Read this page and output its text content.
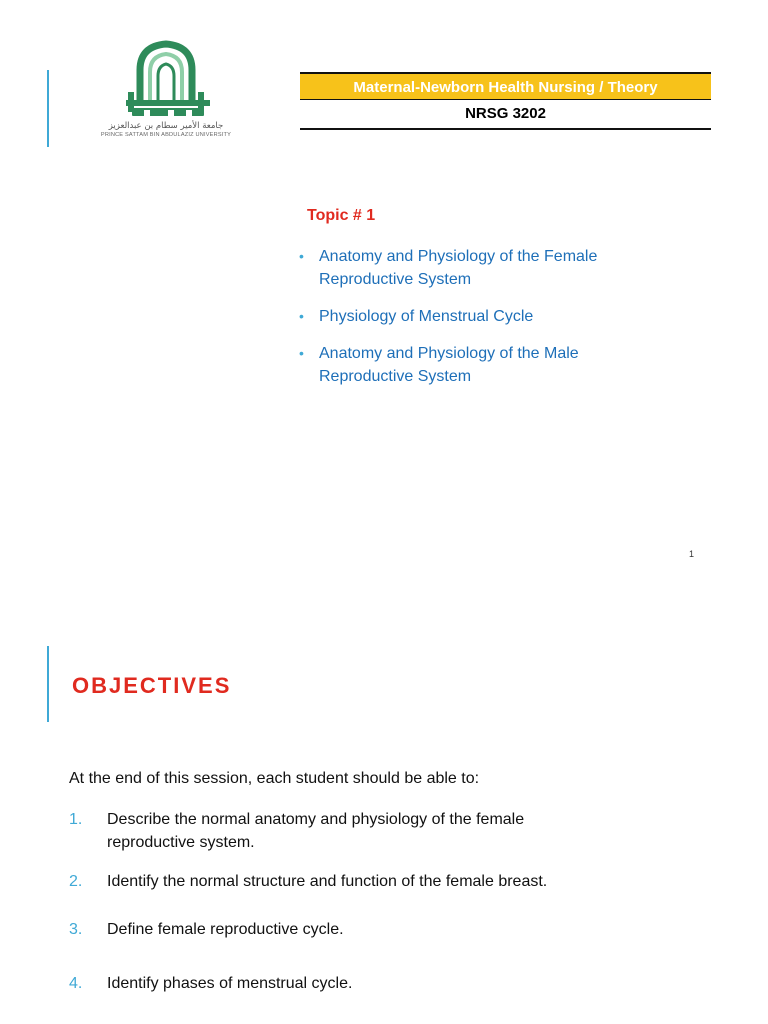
جامعة الأمير سطام بن عبدالعزيز
PRINCE SATTAM BIN ABDULAZIZ UNIVERSITY
Maternal-Newborn Health Nursing / Theory
NRSG 3202
Topic # 1
• Anatomy and Physiology of the Female
Reproductive System
• Physiology of Menstrual Cycle
• Anatomy and Physiology of the Male
Reproductive System
1
OBJECTIVES
At the end of this session, each student should be able to:
1.	Describe the normal anatomy and physiology of the female
reproductive system.
2.	Identify the normal structure and function of the female breast.
3.	Define female reproductive cycle.
4.	Identify phases of menstrual cycle.
